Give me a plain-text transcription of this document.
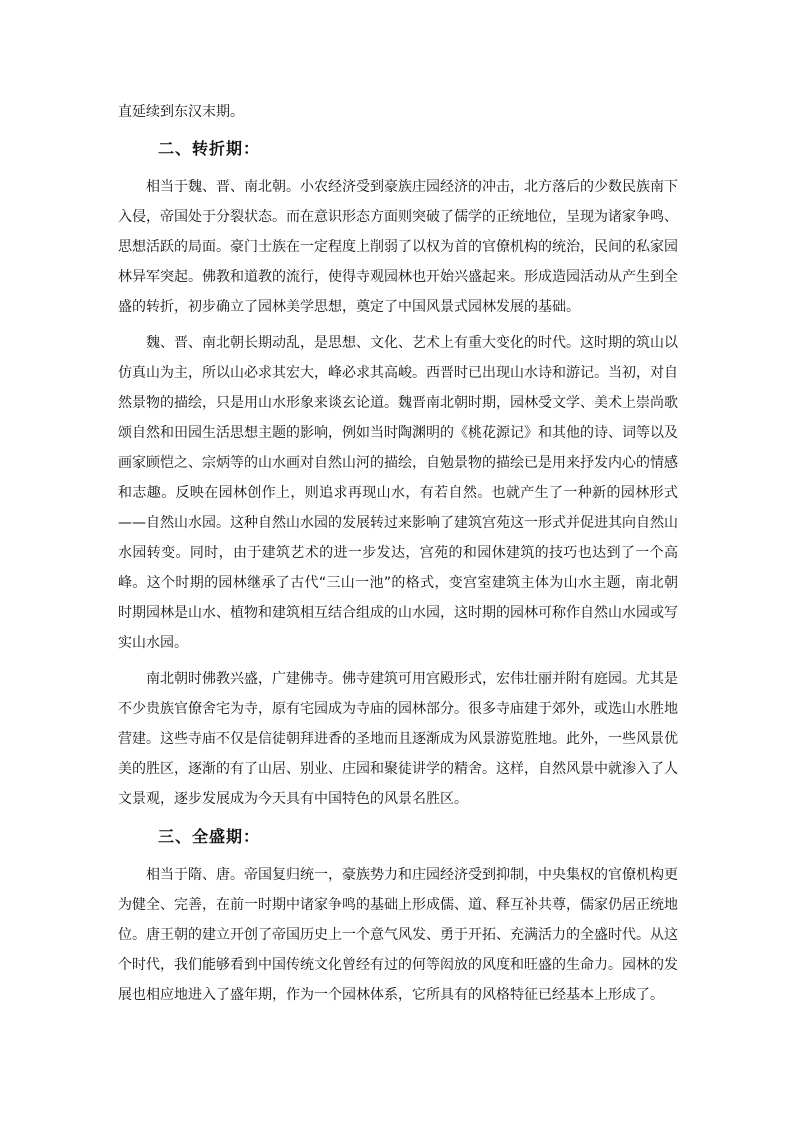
直延续到东汉末期。

二、转折期：

相当于魏、晋、南北朝。小农经济受到豪族庄园经济的冲击，北方落后的少数民族南下入侵，帝国处于分裂状态。而在意识形态方面则突破了儒学的正统地位，呈现为诸家争鸣、思想活跃的局面。豪门士族在一定程度上削弱了以权为首的官僚机构的统治，民间的私家园林异军突起。佛教和道教的流行，使得寺观园林也开始兴盛起来。形成造园活动从产生到全盛的转折，初步确立了园林美学思想，奠定了中国风景式园林发展的基础。

魏、晋、南北朝长期动乱，是思想、文化、艺术上有重大变化的时代。这时期的筑山以仿真山为主，所以山必求其宏大，峰必求其高峻。西晋时已出现山水诗和游记。当初，对自然景物的描绘，只是用山水形象来谈玄论道。魏晋南北朝时期，园林受文学、美术上崇尚歌颂自然和田园生活思想主题的影响，例如当时陶渊明的《桃花源记》和其他的诗、词等以及画家顾恺之、宗炳等的山水画对自然山河的描绘，自勉景物的描绘已是用来抒发内心的情感和志趣。反映在园林创作上，则追求再现山水，有若自然。也就产生了一种新的园林形式——自然山水园。这种自然山水园的发展转过来影响了建筑宫苑这一形式并促进其向自然山水园转变。同时，由于建筑艺术的进一步发达，宫苑的和园休建筑的技巧也达到了一个高峰。这个时期的园林继承了古代“三山一池”的格式，变宫室建筑主体为山水主题，南北朝时期园林是山水、植物和建筑相互结合组成的山水园，这时期的园林可称作自然山水园或写实山水园。

南北朝时佛教兴盛，广建佛寺。佛寺建筑可用宫殿形式，宏伟壮丽并附有庭园。尤其是不少贵族官僚舍宅为寺，原有宅园成为寺庙的园林部分。很多寺庙建于郊外，或选山水胜地营建。这些寺庙不仅是信徒朝拜进香的圣地而且逐渐成为风景游览胜地。此外，一些风景优美的胜区，逐渐的有了山居、别业、庄园和聚徒讲学的精舍。这样，自然风景中就渗入了人文景观，逐步发展成为今天具有中国特色的风景名胜区。

三、全盛期：

相当于隋、唐。帝国复归统一，豪族势力和庄园经济受到抑制，中央集权的官僚机构更为健全、完善，在前一时期中诸家争鸣的基础上形成儒、道、释互补共尊，儒家仍居正统地位。唐王朝的建立开创了帝国历史上一个意气风发、勇于开拓、充满活力的全盛时代。从这个时代，我们能够看到中国传统文化曾经有过的何等闳放的风度和旺盛的生命力。园林的发展也相应地进入了盛年期，作为一个园林体系，它所具有的风格特征已经基本上形成了。
